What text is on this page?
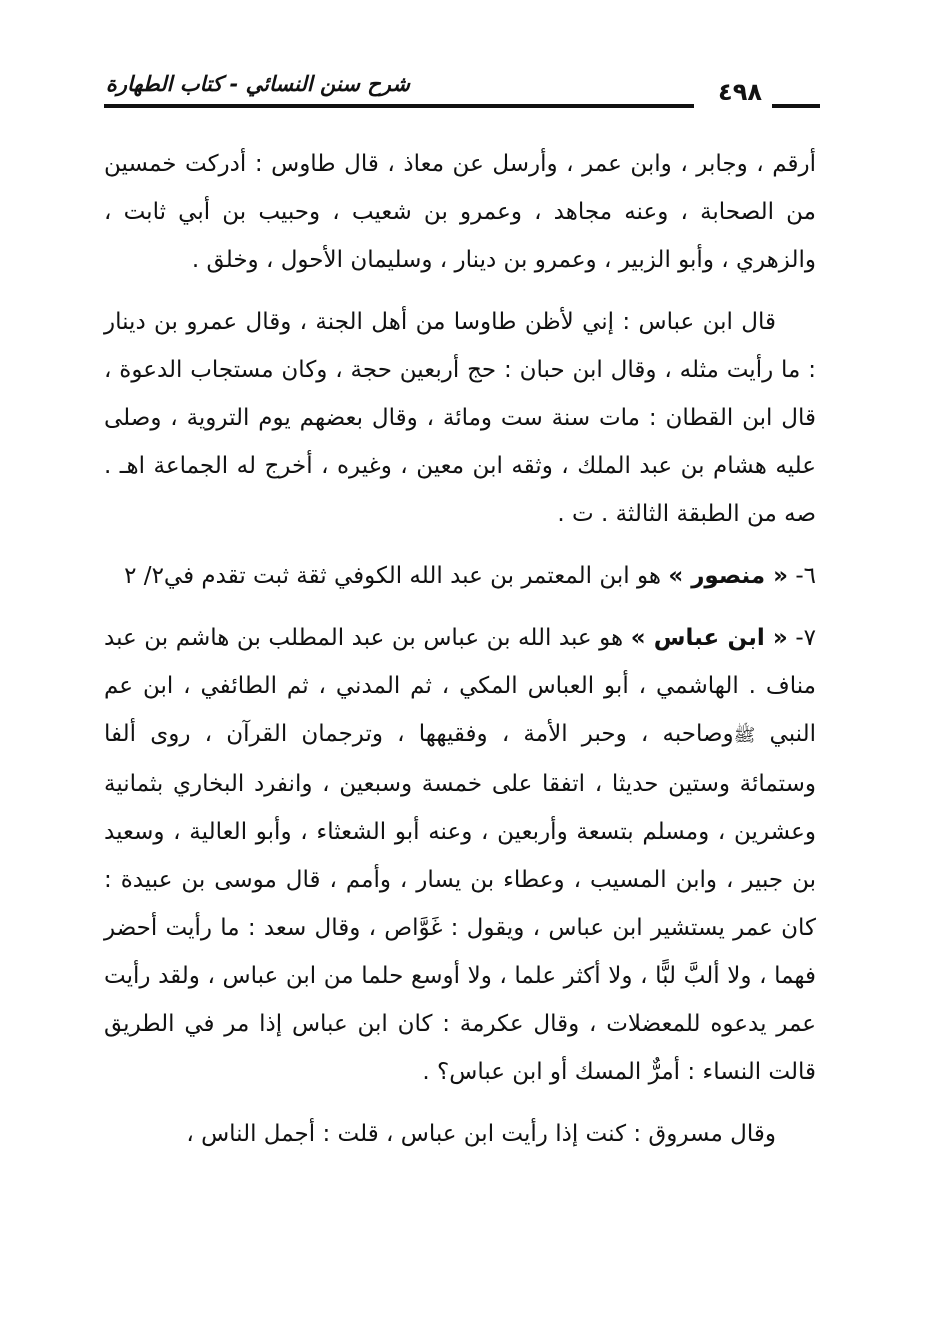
شرح سنن النسائي - كتاب الطهارة	٤٩٨

أرقم ، وجابر ، وابن عمر ، وأرسل عن معاذ ، قال طاوس : أدركت خمسين من الصحابة ، وعنه مجاهد ، وعمرو بن شعيب ، وحبيب بن أبي ثابت ، والزهري ، وأبو الزبير ، وعمرو بن دينار ، وسليمان الأحول ، وخلق .

قال ابن عباس : إني لأظن طاوسا من أهل الجنة ، وقال عمرو بن دينار : ما رأيت مثله ، وقال ابن حبان : حج أربعين حجة ، وكان مستجاب الدعوة ، قال ابن القطان : مات سنة ست ومائة ، وقال بعضهم يوم التروية ، وصلى عليه هشام بن عبد الملك ، وثقه ابن معين ، وغيره ، أخرج له الجماعة اهـ . صه من الطبقة الثالثة . ت .

٦- « منصور » هو ابن المعتمر بن عبد الله الكوفي ثقة ثبت تقدم في٢/ ٢

٧- « ابن عباس » هو عبد الله بن عباس بن عبد المطلب بن هاشم بن عبد مناف . الهاشمي ، أبو العباس المكي ، ثم المدني ، ثم الطائفي ، ابن عم النبي ﷺوصاحبه ، وحبر الأمة ، وفقيهها ، وترجمان القرآن ، روى ألفا وستمائة وستين حديثا ، اتفقا على خمسة وسبعين ، وانفرد البخاري بثمانية وعشرين ، ومسلم بتسعة وأربعين ، وعنه أبو الشعثاء ، وأبو العالية ، وسعيد بن جبير ، وابن المسيب ، وعطاء بن يسار ، وأمم ، قال موسى بن عبيدة : كان عمر يستشير ابن عباس ، ويقول : غَوَّاص ، وقال سعد : ما رأيت أحضر فهما ، ولا ألبَّ لبًّا ، ولا أكثر علما ، ولا أوسع حلما من ابن عباس ، ولقد رأيت عمر يدعوه للمعضلات ، وقال عكرمة : كان ابن عباس إذا مر في الطريق قالت النساء : أمرٌّ المسك أو ابن عباس؟ .

وقال مسروق : كنت إذا رأيت ابن عباس ، قلت : أجمل الناس ،
